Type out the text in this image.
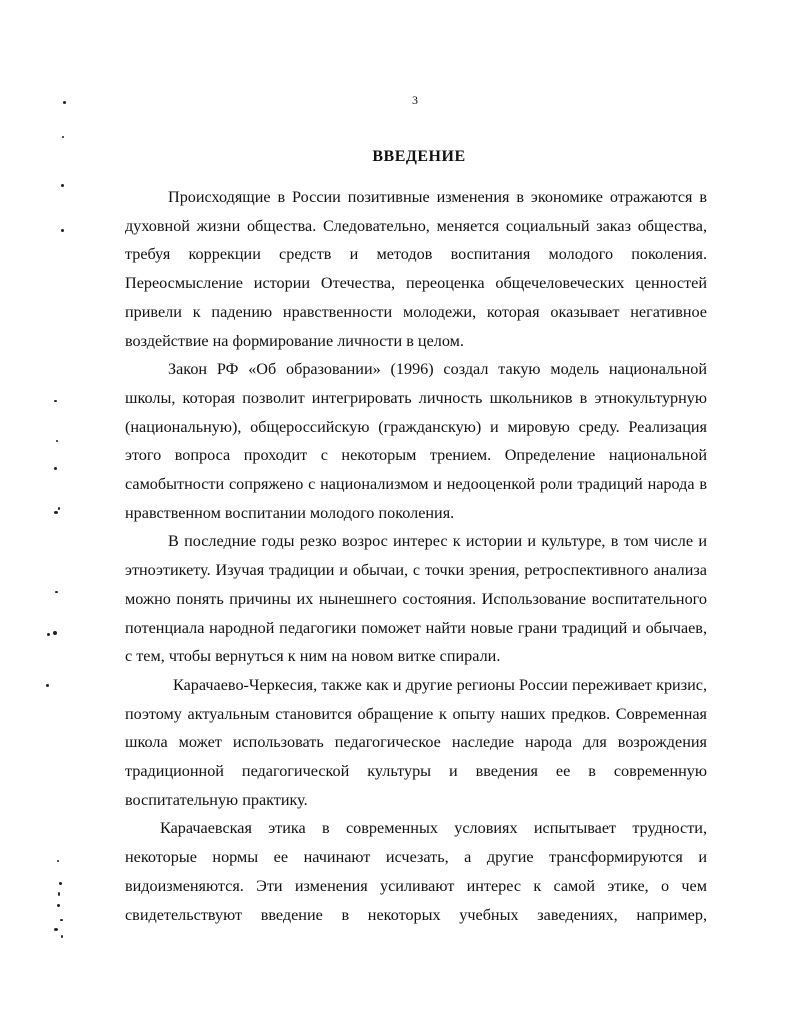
3
ВВЕДЕНИЕ

Происходящие в России позитивные изменения в экономике отражаются в духовной жизни общества. Следовательно, меняется социальный заказ общества, требуя коррекции средств и методов воспитания молодого поколения. Переосмысление истории Отечества, переоценка общечеловеческих ценностей привели к падению нравственности молодежи, которая оказывает негативное воздействие на формирование личности в целом.

Закон РФ «Об образовании» (1996) создал такую модель национальной школы, которая позволит интегрировать личность школьников в этнокультурную (национальную), общероссийскую (гражданскую) и мировую среду. Реализация этого вопроса проходит с некоторым трением. Определение национальной самобытности сопряжено с национализмом и недооценкой роли традиций народа в нравственном воспитании молодого поколения.

В последние годы резко возрос интерес к истории и культуре, в том числе и этноэтикету. Изучая традиции и обычаи, с точки зрения, ретроспективного анализа можно понять причины их нынешнего состояния. Использование воспитательного потенциала народной педагогики поможет найти новые грани традиций и обычаев, с тем, чтобы вернуться к ним на новом витке спирали.

Карачаево-Черкесия, также как и другие регионы России переживает кризис, поэтому актуальным становится обращение к опыту наших предков. Современная школа может использовать педагогическое наследие народа для возрождения традиционной педагогической культуры и введения ее в современную воспитательную практику.

Карачаевская этика в современных условиях испытывает трудности, некоторые нормы ее начинают исчезать, а другие трансформируются и видоизменяются. Эти изменения усиливают интерес к самой этике, о чем свидетельствуют введение в некоторых учебных заведениях, например,
